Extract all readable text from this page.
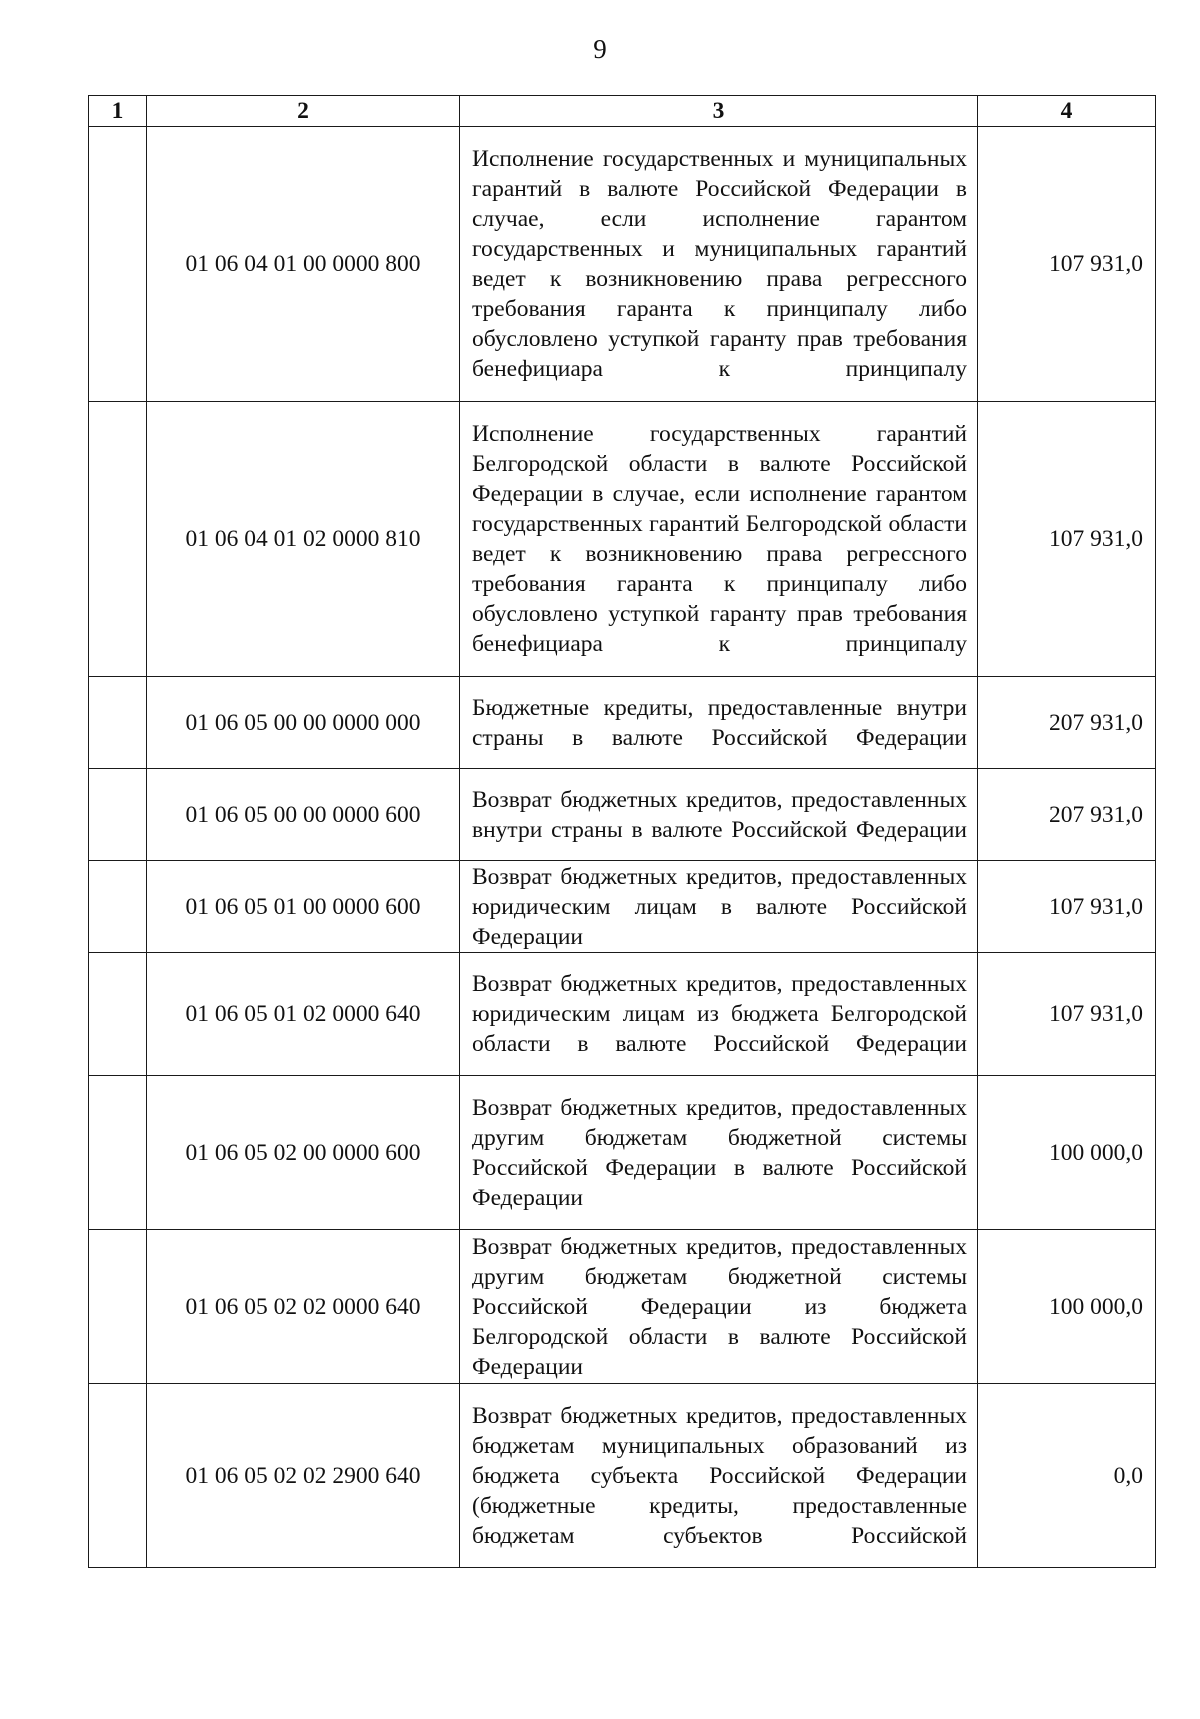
9
1	2	3	4
	01 06 04 01 00 0000 800	Исполнение государственных и муниципальных гарантий в валюте Российской Федерации в случае, если исполнение гарантом государственных и муниципальных гарантий ведет к возникновению права регрессного требования гаранта к принципалу либо обусловлено уступкой гаранту прав требования бенефициара к принципалу	107 931,0
	01 06 04 01 02 0000 810	Исполнение государственных гарантий Белгородской области в валюте Российской Федерации в случае, если исполнение гарантом государственных гарантий Белгородской области ведет к возникновению права регрессного требования гаранта к принципалу либо обусловлено уступкой гаранту прав требования бенефициара к принципалу	107 931,0
	01 06 05 00 00 0000 000	Бюджетные кредиты, предоставленные внутри страны в валюте Российской Федерации	207 931,0
	01 06 05 00 00 0000 600	Возврат бюджетных кредитов, предоставленных внутри страны в валюте Российской Федерации	207 931,0
	01 06 05 01 00 0000 600	Возврат бюджетных кредитов, предоставленных юридическим лицам в валюте Российской Федерации	107 931,0
	01 06 05 01 02 0000 640	Возврат бюджетных кредитов, предоставленных юридическим лицам из бюджета Белгородской области в валюте Российской Федерации	107 931,0
	01 06 05 02 00 0000 600	Возврат бюджетных кредитов, предоставленных другим бюджетам бюджетной системы Российской Федерации в валюте Российской Федерации	100 000,0
	01 06 05 02 02 0000 640	Возврат бюджетных кредитов, предоставленных другим бюджетам бюджетной системы Российской Федерации из бюджета Белгородской области в валюте Российской Федерации	100 000,0
	01 06 05 02 02 2900 640	Возврат бюджетных кредитов, предоставленных бюджетам муниципальных образований из бюджета субъекта Российской Федерации (бюджетные кредиты, предоставленные бюджетам субъектов Российской	0,0
